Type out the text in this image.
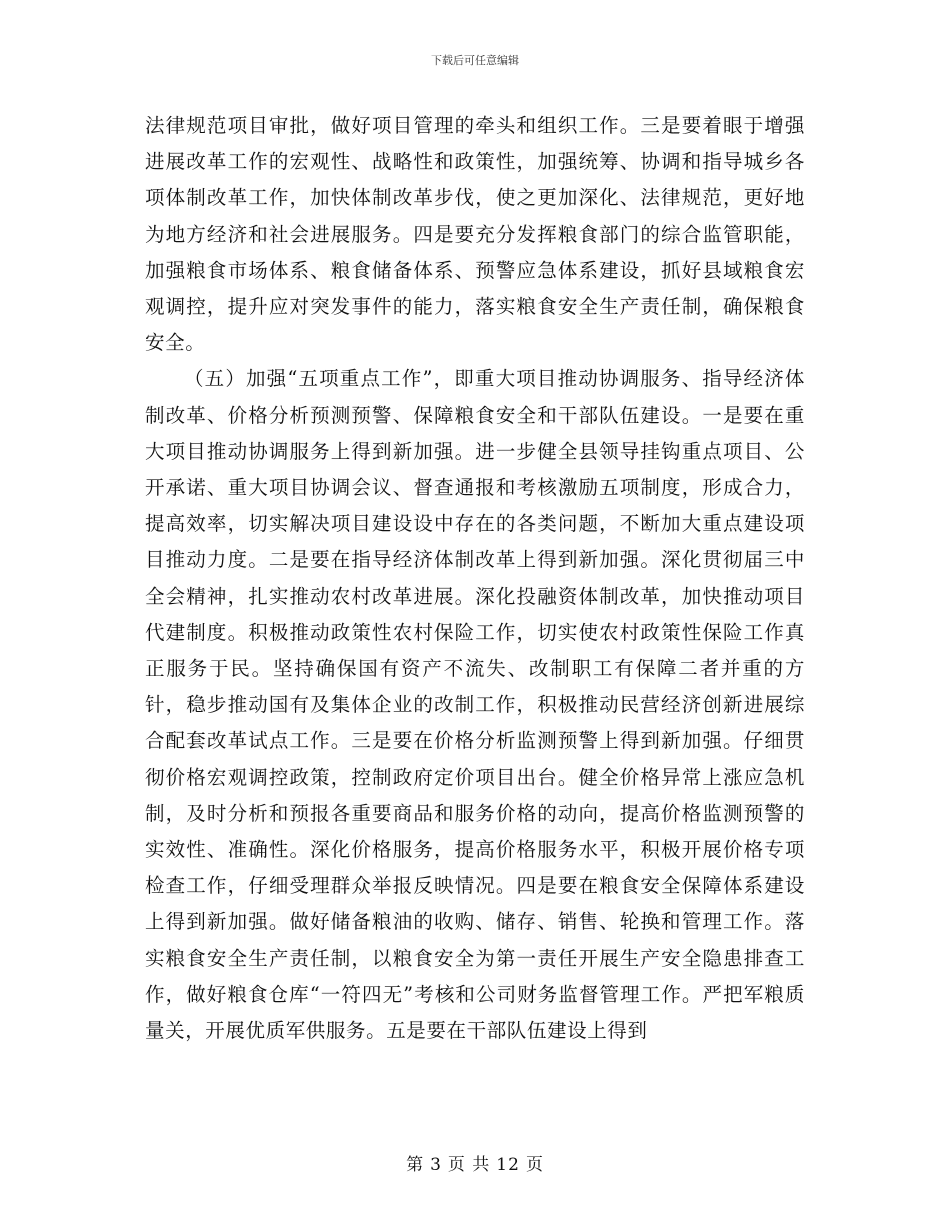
下载后可任意编辑

法律规范项目审批，做好项目管理的牵头和组织工作。三是要着眼于增强进展改革工作的宏观性、战略性和政策性，加强统筹、协调和指导城乡各项体制改革工作，加快体制改革步伐，使之更加深化、法律规范，更好地为地方经济和社会进展服务。四是要充分发挥粮食部门的综合监管职能，加强粮食市场体系、粮食储备体系、预警应急体系建设，抓好县域粮食宏观调控，提升应对突发事件的能力，落实粮食安全生产责任制，确保粮食安全。

（五）加强“五项重点工作”，即重大项目推动协调服务、指导经济体制改革、价格分析预测预警、保障粮食安全和干部队伍建设。一是要在重大项目推动协调服务上得到新加强。进一步健全县领导挂钩重点项目、公开承诺、重大项目协调会议、督查通报和考核激励五项制度，形成合力，提高效率，切实解决项目建设设中存在的各类问题，不断加大重点建设项目推动力度。二是要在指导经济体制改革上得到新加强。深化贯彻届三中全会精神，扎实推动农村改革进展。深化投融资体制改革，加快推动项目代建制度。积极推动政策性农村保险工作，切实使农村政策性保险工作真正服务于民。坚持确保国有资产不流失、改制职工有保障二者并重的方针，稳步推动国有及集体企业的改制工作，积极推动民营经济创新进展综合配套改革试点工作。三是要在价格分析监测预警上得到新加强。仔细贯彻价格宏观调控政策，控制政府定价项目出台。健全价格异常上涨应急机制，及时分析和预报各重要商品和服务价格的动向，提高价格监测预警的实效性、准确性。深化价格服务，提高价格服务水平，积极开展价格专项检查工作，仔细受理群众举报反映情况。四是要在粮食安全保障体系建设上得到新加强。做好储备粮油的收购、储存、销售、轮换和管理工作。落实粮食安全生产责任制，以粮食安全为第一责任开展生产安全隐患排查工作，做好粮食仓库“一符四无”考核和公司财务监督管理工作。严把军粮质量关，开展优质军供服务。五是要在干部队伍建设上得到

第 3 页 共 12 页
